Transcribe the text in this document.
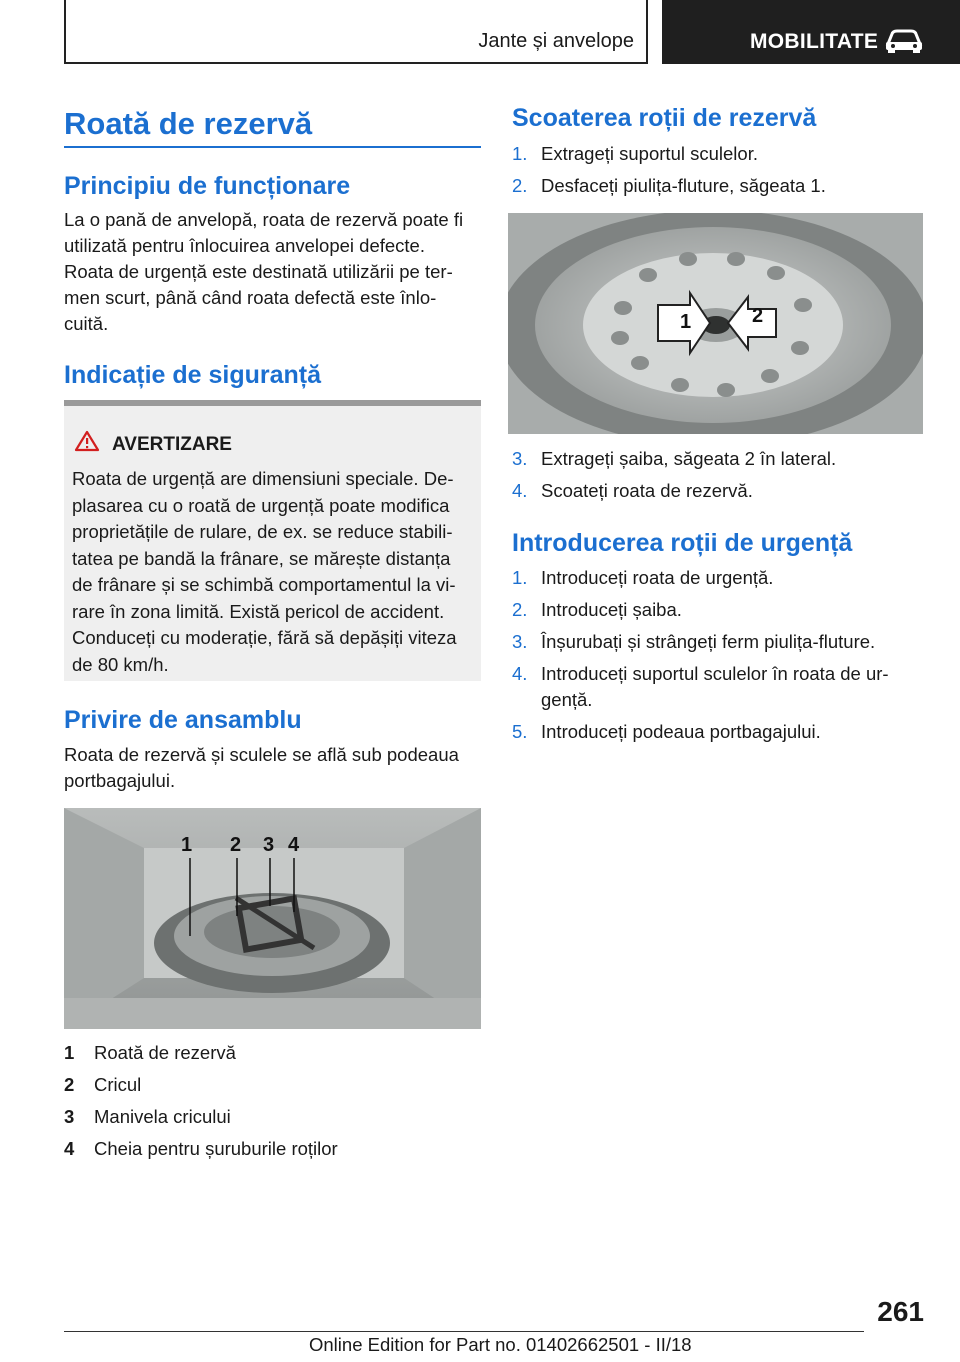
Jante și anvelope	MOBILITATE
Roată de rezervă
Principiu de funcționare
La o pană de anvelopă, roata de rezervă poate fi
utilizată pentru înlocuirea anvelopei defecte.
Roata de urgență este destinată utilizării pe ter-
men scurt, până când roata defectă este înlo-
cuită.
Indicație de siguranță
AVERTIZARE
Roata de urgență are dimensiuni speciale. De-
plasarea cu o roată de urgență poate modifica
proprietățile de rulare, de ex. se reduce stabili-
tatea pe bandă la frânare, se mărește distanța
de frânare și se schimbă comportamentul la vi-
rare în zona limită. Există pericol de accident.
Conduceți cu moderație, fără să depășiți viteza
de 80 km/h.
Privire de ansamblu
Roata de rezervă și sculele se află sub podeaua
portbagajului.
1 2 3 4
1	Roată de rezervă
2	Cricul
3	Manivela cricului
4	Cheia pentru șuruburile roților
Scoaterea roții de rezervă
1. Extrageți suportul sculelor.
2. Desfaceți piulița-fluture, săgeata 1.
1	2
3. Extrageți șaiba, săgeata 2 în lateral.
4. Scoateți roata de rezervă.
Introducerea roții de urgență
1. Introduceți roata de urgență.
2. Introduceți șaiba.
3. Înșurubați și strângeți ferm piulița-fluture.
4. Introduceți suportul sculelor în roata de ur-
gență.
5. Introduceți podeaua portbagajului.
261
Online Edition for Part no. 01402662501 - II/18
